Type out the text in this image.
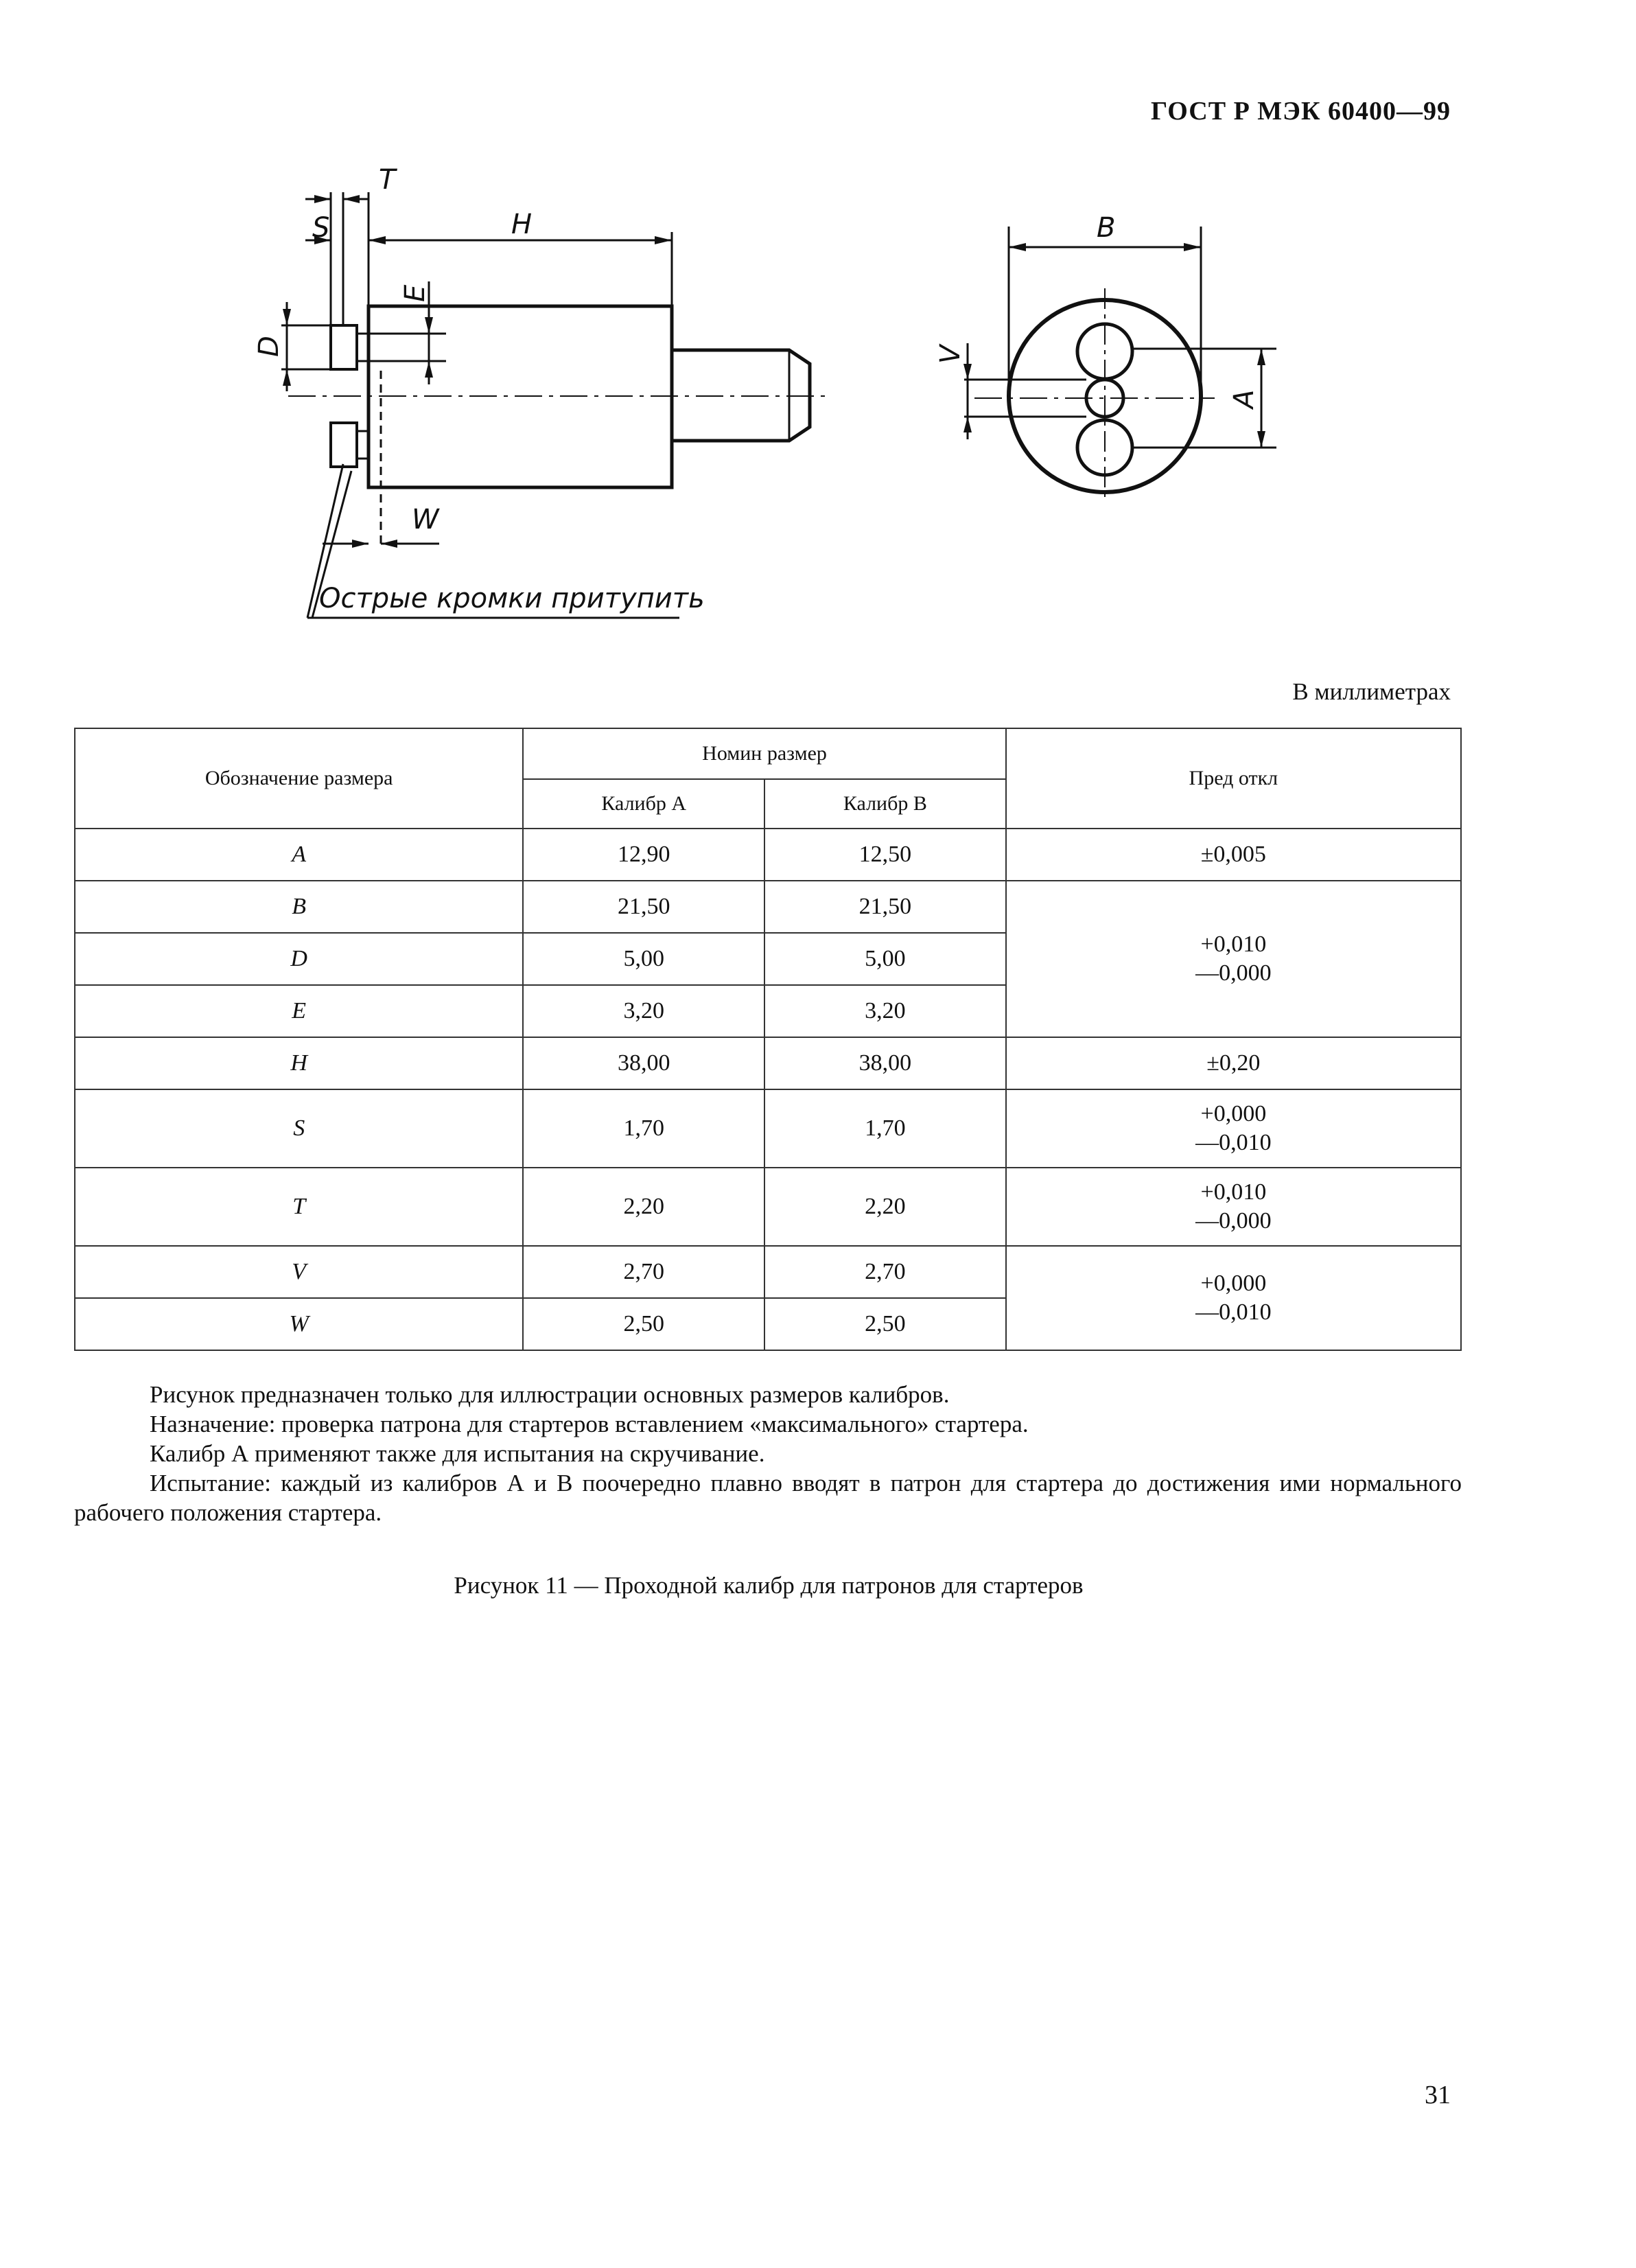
ГОСТ Р МЭК 60400—99
T
S	H
E
D
W
B
V
A
Острые кромки притупить
В миллиметрах
Обозначение размера	Номин размер		Пред откл
	Калибр А	Калибр В	
A	12,90	12,50	±0,005
B	21,50	21,50	+0,010
—0,000

D	5,00	5,00	
E	3,20	3,20	
H	38,00	38,00	±0,20
S	1,70	1,70	+0,000
—0,010

T	2,20	2,20	+0,010
—0,000

V	2,70	2,70	+0,000
—0,010

W	2,50	2,50	

Рисунок предназначен только для иллюстрации основных размеров калибров.

Назначение: проверка патрона для стартеров вставлением «максимального» стартера.

Калибр А применяют также для испытания на скручивание.

Испытание: каждый из калибров А и В поочередно плавно вводят в патрон для стартера до достижения ими нормального рабочего положения стартера.

Рисунок 11 — Проходной калибр для патронов для стартеров
31
